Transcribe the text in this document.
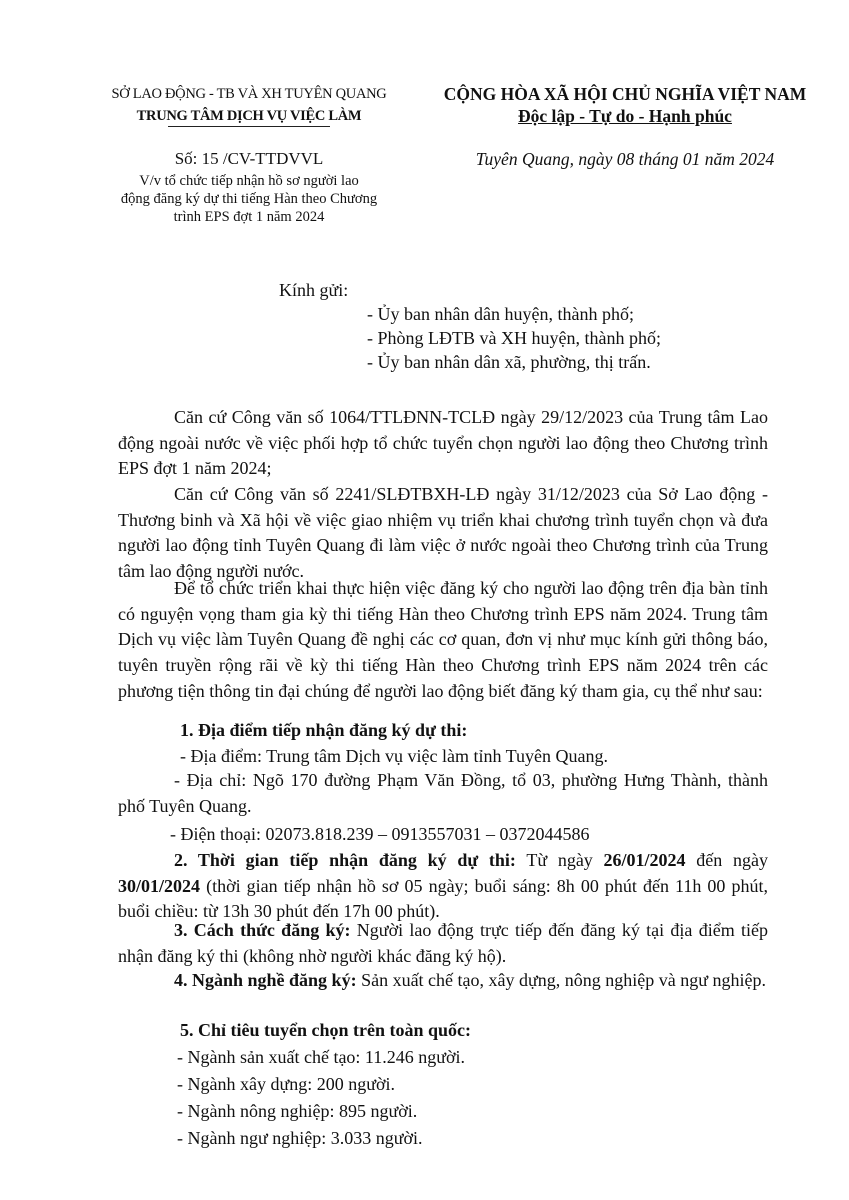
SỞ LAO ĐỘNG - TB VÀ XH TUYÊN QUANG
TRUNG TÂM DỊCH VỤ VIỆC LÀM
CỘNG HÒA XÃ HỘI CHỦ NGHĨA VIỆT NAM
Độc lập - Tự do - Hạnh phúc
Số: 15 /CV-TTDVVL	Tuyên Quang, ngày 08 tháng 01 năm 2024
V/v tổ chức tiếp nhận hồ sơ người lao
động đăng ký dự thi tiếng Hàn theo Chương
trình EPS đợt 1 năm 2024
Kính gửi:
- Ủy ban nhân dân huyện, thành phố;
- Phòng LĐTB và XH huyện, thành phố;
- Ủy ban nhân dân xã, phường, thị trấn.
Căn cứ Công văn số 1064/TTLĐNN-TCLĐ ngày 29/12/2023 của Trung tâm Lao động ngoài nước về việc phối hợp tổ chức tuyển chọn người lao động theo Chương trình EPS đợt 1 năm 2024;
Căn cứ Công văn số 2241/SLĐTBXH-LĐ ngày 31/12/2023 của Sở Lao động - Thương binh và Xã hội về việc giao nhiệm vụ triển khai chương trình tuyển chọn và đưa người lao động tỉnh Tuyên Quang đi làm việc ở nước ngoài theo Chương trình của Trung tâm lao động người nước.
Để tổ chức triển khai thực hiện việc đăng ký cho người lao động trên địa bàn tỉnh có nguyện vọng tham gia kỳ thi tiếng Hàn theo Chương trình EPS năm 2024. Trung tâm Dịch vụ việc làm Tuyên Quang đề nghị các cơ quan, đơn vị như mục kính gửi thông báo, tuyên truyền rộng rãi về kỳ thi tiếng Hàn theo Chương trình EPS năm 2024 trên các phương tiện thông tin đại chúng để người lao động biết đăng ký tham gia, cụ thể như sau:
1. Địa điểm tiếp nhận đăng ký dự thi:
- Địa điểm: Trung tâm Dịch vụ việc làm tỉnh Tuyên Quang.
- Địa chỉ: Ngõ 170 đường Phạm Văn Đồng, tổ 03, phường Hưng Thành, thành phố Tuyên Quang.
- Điện thoại: 02073.818.239 – 0913557031 – 0372044586
2. Thời gian tiếp nhận đăng ký dự thi: Từ ngày 26/01/2024 đến ngày 30/01/2024 (thời gian tiếp nhận hồ sơ 05 ngày; buổi sáng: 8h 00 phút đến 11h 00 phút, buổi chiều: từ 13h 30 phút đến 17h 00 phút).
3. Cách thức đăng ký: Người lao động trực tiếp đến đăng ký tại địa điểm tiếp nhận đăng ký thi (không nhờ người khác đăng ký hộ).
4. Ngành nghề đăng ký: Sản xuất chế tạo, xây dựng, nông nghiệp và ngư nghiệp.
5. Chỉ tiêu tuyển chọn trên toàn quốc:
- Ngành sản xuất chế tạo: 11.246 người.
- Ngành xây dựng: 200 người.
- Ngành nông nghiệp: 895 người.
- Ngành ngư nghiệp: 3.033 người.
